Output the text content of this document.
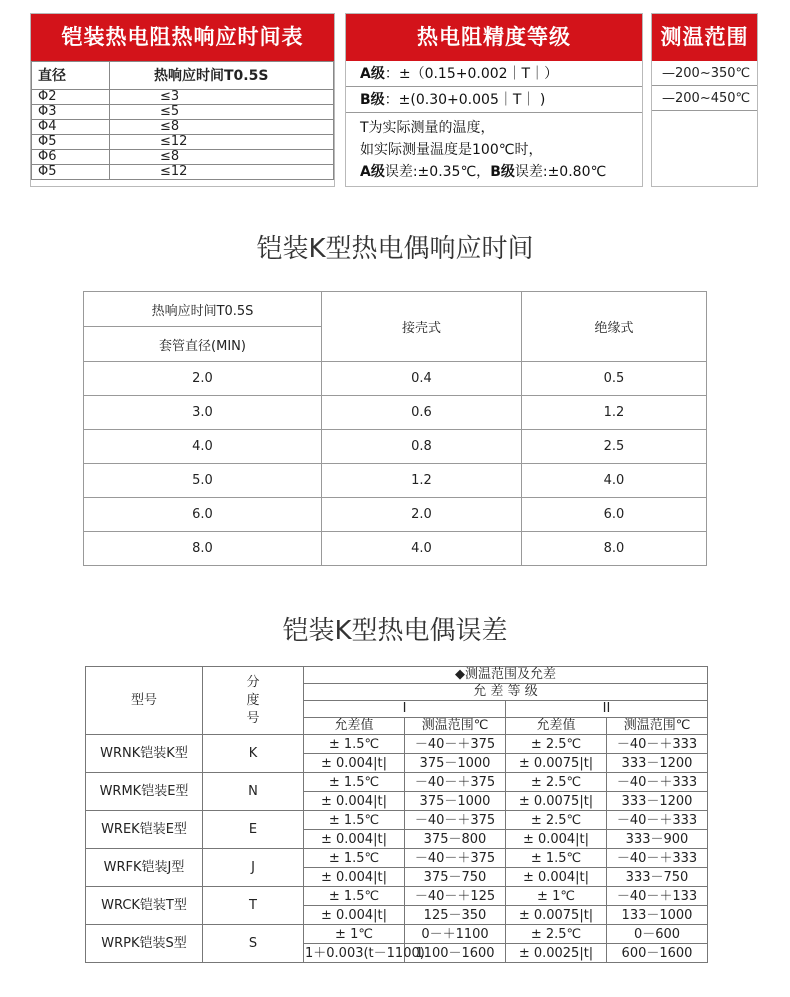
铠装热电阻热响应时间表
直径	热响应时间T0.5S
Φ2	≤3
Φ3	≤5
Φ4	≤8
Φ5	≤12
Φ6	≤8
Φ5	≤12
热电阻精度等级
A级：±（0.15+0.002｜T｜）
B级：±(0.30+0.005｜T｜ )
T为实际测量的温度，
如实际测量温度是100℃时，
A级误差:±0.35℃，B级误差:±0.80℃
测温范围
—200~350℃
—200~450℃
铠装K型热电偶响应时间
热响应时间T0.5S	接壳式	绝缘式
套管直径(MIN)		
2.0	0.4	0.5
3.0	0.6	1.2
4.0	0.8	2.5
5.0	1.2	4.0
6.0	2.0	6.0
8.0	4.0	8.0
铠装K型热电偶误差
型号	分度号	◆测温范围及允差			
		允 差 等 级			
		I		II	
		允差值	测温范围℃	允差值	测温范围℃
WRNK铠装K型	K	± 1.5℃	－40－＋375	± 2.5℃	－40－＋333
		± 0.004|t|	375－1000	± 0.0075|t|	333－1200
WRMK铠装E型	N	± 1.5℃	－40－＋375	± 2.5℃	－40－＋333
		± 0.004|t|	375－1000	± 0.0075|t|	333－1200
WREK铠装E型	E	± 1.5℃	－40－＋375	± 2.5℃	－40－＋333
		± 0.004|t|	375－800	± 0.004|t|	333－900
WRFK铠装J型	J	± 1.5℃	－40－＋375	± 1.5℃	－40－＋333
		± 0.004|t|	375－750	± 0.004|t|	333－750
WRCK铠装T型	T	± 1.5℃	－40－＋125	± 1℃	－40－＋133
		± 0.004|t|	125－350	± 0.0075|t|	133－1000
WRPK铠装S型	S	± 1℃	0－＋1100	± 2.5℃	0－600
		1＋0.003(t－1100)	1100－1600	± 0.0025|t|	600－1600
